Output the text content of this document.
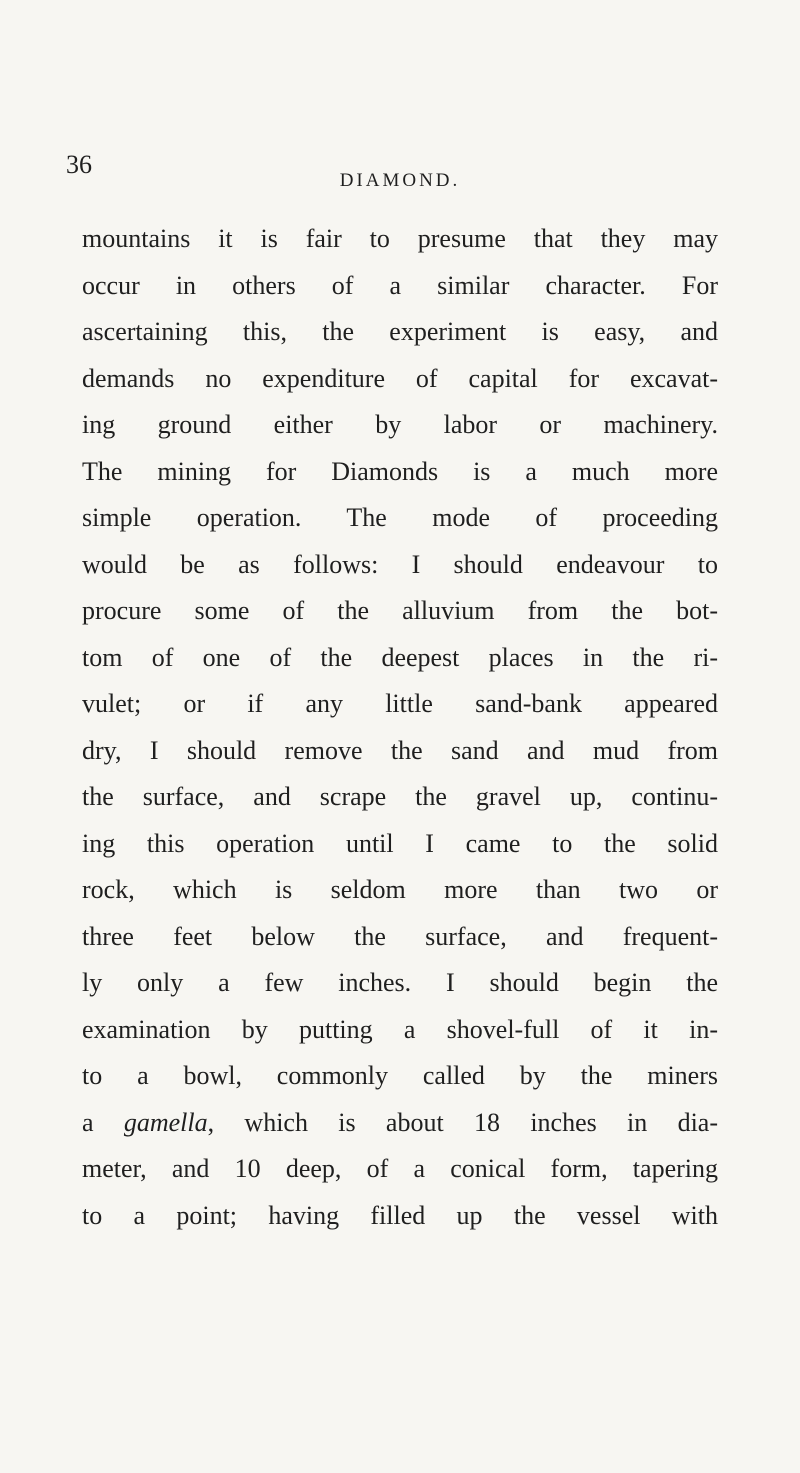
36
DIAMOND.
mountains it is fair to presume that they may
occur in others of a similar character. For
ascertaining this, the experiment is easy, and
demands no expenditure of capital for excavat-
ing ground either by labor or machinery.
The mining for Diamonds is a much more
simple operation. The mode of proceeding
would be as follows: I should endeavour to
procure some of the alluvium from the bot-
tom of one of the deepest places in the ri-
vulet; or if any little sand-bank appeared
dry, I should remove the sand and mud from
the surface, and scrape the gravel up, continu-
ing this operation until I came to the solid
rock, which is seldom more than two or
three feet below the surface, and frequent-
ly only a few inches. I should begin the
examination by putting a shovel-full of it in-
to a bowl, commonly called by the miners
a gamella, which is about 18 inches in dia-
meter, and 10 deep, of a conical form, tapering
to a point; having filled up the vessel with
